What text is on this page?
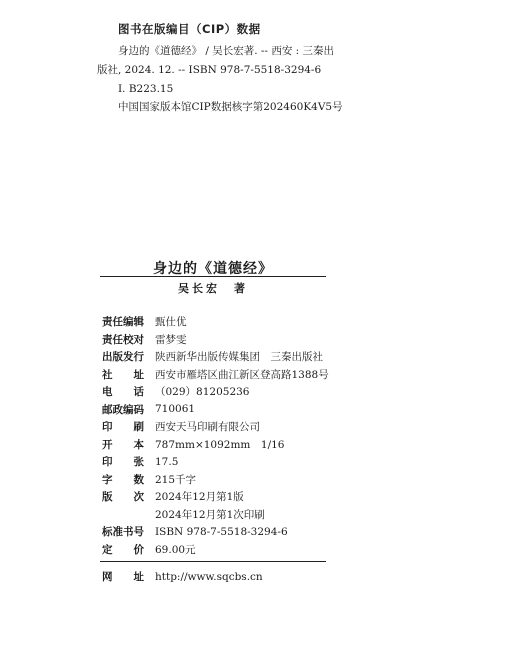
图书在版编目（CIP）数据
身边的《道德经》 / 吴长宏著. -- 西安 : 三秦出
版社, 2024. 12. -- ISBN 978-7-5518-3294-6
Ⅰ. B223.15
中国国家版本馆CIP数据核字第202460K4V5号
身边的《道德经》
吴长宏　著
责任编辑 甄仕优
责任校对 雷梦雯
出版发行 陕西新华出版传媒集团　三秦出版社
社址 西安市雁塔区曲江新区登高路1388号
电话 （029）81205236
邮政编码 710061
印刷 西安天马印刷有限公司
开本 787mm×1092mm　1/16
印张 17.5
字数 215千字
版次 2024年12月第1版
2024年12月第1次印刷
标准书号 ISBN 978-7-5518-3294-6
定价 69.00元
网址 http://www.sqcbs.cn
